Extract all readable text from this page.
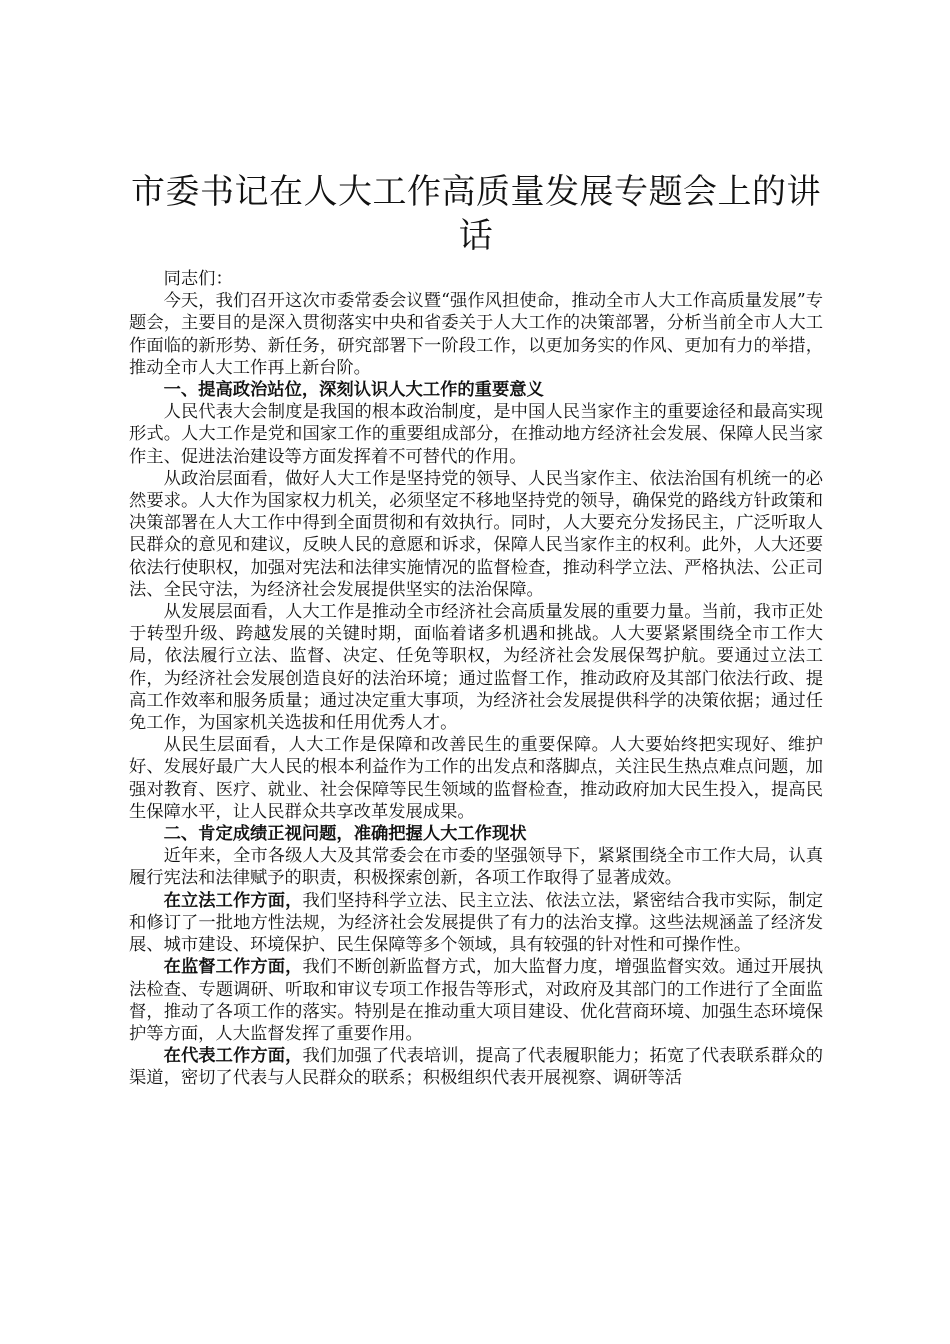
市委书记在人大工作高质量发展专题会上的讲话

同志们：

今天，我们召开这次市委常委会议暨“强作风担使命，推动全市人大工作高质量发展”专题会，主要目的是深入贯彻落实中央和省委关于人大工作的决策部署，分析当前全市人大工作面临的新形势、新任务，研究部署下一阶段工作，以更加务实的作风、更加有力的举措，推动全市人大工作再上新台阶。

一、提高政治站位，深刻认识人大工作的重要意义

人民代表大会制度是我国的根本政治制度，是中国人民当家作主的重要途径和最高实现形式。人大工作是党和国家工作的重要组成部分，在推动地方经济社会发展、保障人民当家作主、促进法治建设等方面发挥着不可替代的作用。

从政治层面看，做好人大工作是坚持党的领导、人民当家作主、依法治国有机统一的必然要求。人大作为国家权力机关，必须坚定不移地坚持党的领导，确保党的路线方针政策和决策部署在人大工作中得到全面贯彻和有效执行。同时，人大要充分发扬民主，广泛听取人民群众的意见和建议，反映人民的意愿和诉求，保障人民当家作主的权利。此外，人大还要依法行使职权，加强对宪法和法律实施情况的监督检查，推动科学立法、严格执法、公正司法、全民守法，为经济社会发展提供坚实的法治保障。

从发展层面看，人大工作是推动全市经济社会高质量发展的重要力量。当前，我市正处于转型升级、跨越发展的关键时期，面临着诸多机遇和挑战。人大要紧紧围绕全市工作大局，依法履行立法、监督、决定、任免等职权，为经济社会发展保驾护航。要通过立法工作，为经济社会发展创造良好的法治环境；通过监督工作，推动政府及其部门依法行政、提高工作效率和服务质量；通过决定重大事项，为经济社会发展提供科学的决策依据；通过任免工作，为国家机关选拔和任用优秀人才。

从民生层面看，人大工作是保障和改善民生的重要保障。人大要始终把实现好、维护好、发展好最广大人民的根本利益作为工作的出发点和落脚点，关注民生热点难点问题，加强对教育、医疗、就业、社会保障等民生领域的监督检查，推动政府加大民生投入，提高民生保障水平，让人民群众共享改革发展成果。

二、肯定成绩正视问题，准确把握人大工作现状

近年来，全市各级人大及其常委会在市委的坚强领导下，紧紧围绕全市工作大局，认真履行宪法和法律赋予的职责，积极探索创新，各项工作取得了显著成效。

在立法工作方面，我们坚持科学立法、民主立法、依法立法，紧密结合我市实际，制定和修订了一批地方性法规，为经济社会发展提供了有力的法治支撑。这些法规涵盖了经济发展、城市建设、环境保护、民生保障等多个领域，具有较强的针对性和可操作性。

在监督工作方面，我们不断创新监督方式，加大监督力度，增强监督实效。通过开展执法检查、专题调研、听取和审议专项工作报告等形式，对政府及其部门的工作进行了全面监督，推动了各项工作的落实。特别是在推动重大项目建设、优化营商环境、加强生态环境保护等方面，人大监督发挥了重要作用。

在代表工作方面，我们加强了代表培训，提高了代表履职能力；拓宽了代表联系群众的渠道，密切了代表与人民群众的联系；积极组织代表开展视察、调研等活
